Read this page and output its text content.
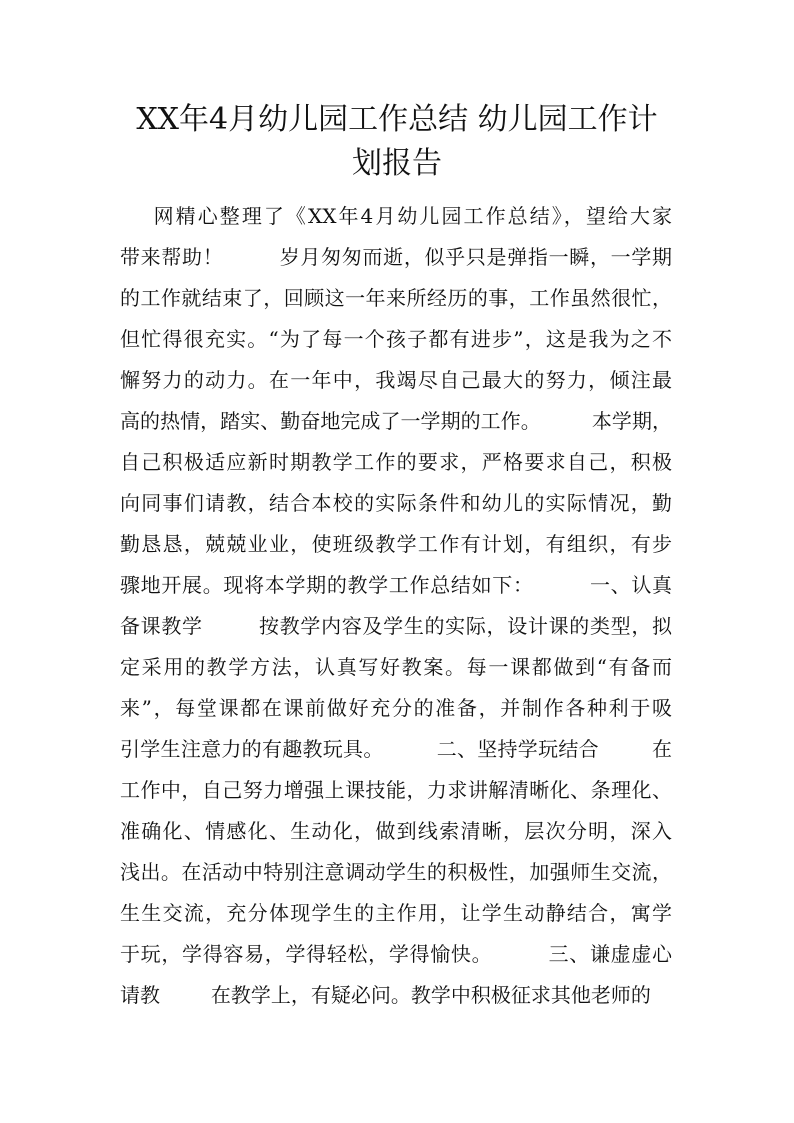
XX年4月幼儿园工作总结 幼儿园工作计
划报告
网精心整理了《XX年4月幼儿园工作总结》，望给大家
带来帮助！        岁月匆匆而逝，似乎只是弹指一瞬，一学期
的工作就结束了，回顾这一年来所经历的事，工作虽然很忙，
但忙得很充实。“为了每一个孩子都有进步”，这是我为之不
懈努力的动力。在一年中，我竭尽自己最大的努力，倾注最
高的热情，踏实、勤奋地完成了一学期的工作。        本学期，
自己积极适应新时期教学工作的要求，严格要求自己，积极
向同事们请教，结合本校的实际条件和幼儿的实际情况，勤
勤恳恳，兢兢业业，使班级教学工作有计划，有组织，有步
骤地开展。现将本学期的教学工作总结如下：        一、认真
备课教学        按教学内容及学生的实际，设计课的类型，拟
定采用的教学方法，认真写好教案。每一课都做到“有备而
来”，每堂课都在课前做好充分的准备，并制作各种利于吸
引学生注意力的有趣教玩具。        二、坚持学玩结合        在
工作中，自己努力增强上课技能，力求讲解清晰化、条理化、
准确化、情感化、生动化，做到线索清晰，层次分明，深入
浅出。在活动中特别注意调动学生的积极性，加强师生交流，
生生交流，充分体现学生的主作用，让学生动静结合，寓学
于玩，学得容易，学得轻松，学得愉快。        三、谦虚虚心
请教        在教学上，有疑必问。教学中积极征求其他老师的
